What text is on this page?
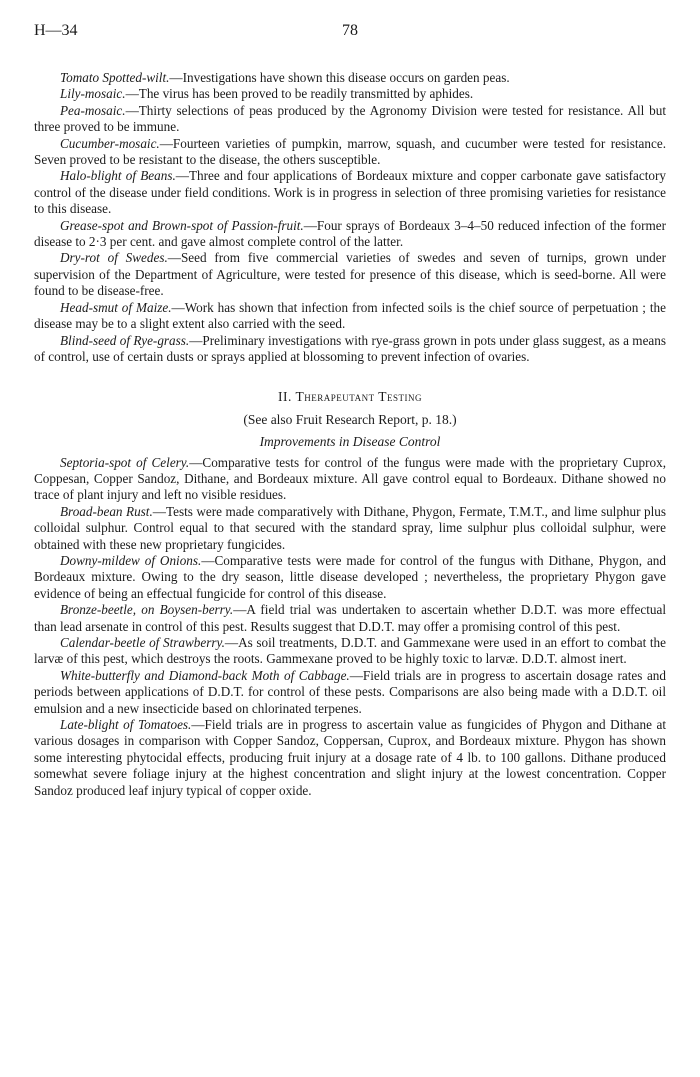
H—34	78

Tomato Spotted-wilt.—Investigations have shown this disease occurs on garden peas.

Lily-mosaic.—The virus has been proved to be readily transmitted by aphides.

Pea-mosaic.—Thirty selections of peas produced by the Agronomy Division were tested for resistance. All but three proved to be immune.

Cucumber-mosaic.—Fourteen varieties of pumpkin, marrow, squash, and cucumber were tested for resistance. Seven proved to be resistant to the disease, the others susceptible.

Halo-blight of Beans.—Three and four applications of Bordeaux mixture and copper carbonate gave satisfactory control of the disease under field conditions. Work is in progress in selection of three promising varieties for resistance to this disease.

Grease-spot and Brown-spot of Passion-fruit.—Four sprays of Bordeaux 3–4–50 reduced infection of the former disease to 2·3 per cent. and gave almost complete control of the latter.

Dry-rot of Swedes.—Seed from five commercial varieties of swedes and seven of turnips, grown under supervision of the Department of Agriculture, were tested for presence of this disease, which is seed-borne. All were found to be disease-free.

Head-smut of Maize.—Work has shown that infection from infected soils is the chief source of perpetuation ; the disease may be to a slight extent also carried with the seed.

Blind-seed of Rye-grass.—Preliminary investigations with rye-grass grown in pots under glass suggest, as a means of control, use of certain dusts or sprays applied at blossoming to prevent infection of ovaries.

II. Therapeutant Testing

(See also Fruit Research Report, p. 18.)

Improvements in Disease Control

Septoria-spot of Celery.—Comparative tests for control of the fungus were made with the proprietary Cuprox, Coppesan, Copper Sandoz, Dithane, and Bordeaux mixture. All gave control equal to Bordeaux. Dithane showed no trace of plant injury and left no visible residues.

Broad-bean Rust.—Tests were made comparatively with Dithane, Phygon, Fermate, T.M.T., and lime sulphur plus colloidal sulphur. Control equal to that secured with the standard spray, lime sulphur plus colloidal sulphur, were obtained with these new proprietary fungicides.

Downy-mildew of Onions.—Comparative tests were made for control of the fungus with Dithane, Phygon, and Bordeaux mixture. Owing to the dry season, little disease developed ; nevertheless, the proprietary Phygon gave evidence of being an effectual fungicide for control of this disease.

Bronze-beetle, on Boysen-berry.—A field trial was undertaken to ascertain whether D.D.T. was more effectual than lead arsenate in control of this pest. Results suggest that D.D.T. may offer a promising control of this pest.

Calendar-beetle of Strawberry.—As soil treatments, D.D.T. and Gammexane were used in an effort to combat the larvæ of this pest, which destroys the roots. Gammexane proved to be highly toxic to larvæ. D.D.T. almost inert.

White-butterfly and Diamond-back Moth of Cabbage.—Field trials are in progress to ascertain dosage rates and periods between applications of D.D.T. for control of these pests. Comparisons are also being made with a D.D.T. oil emulsion and a new insecticide based on chlorinated terpenes.

Late-blight of Tomatoes.—Field trials are in progress to ascertain value as fungicides of Phygon and Dithane at various dosages in comparison with Copper Sandoz, Coppersan, Cuprox, and Bordeaux mixture. Phygon has shown some interesting phytocidal effects, producing fruit injury at a dosage rate of 4 lb. to 100 gallons. Dithane produced somewhat severe foliage injury at the highest concentration and slight injury at the lowest concentration. Copper Sandoz produced leaf injury typical of copper oxide.
